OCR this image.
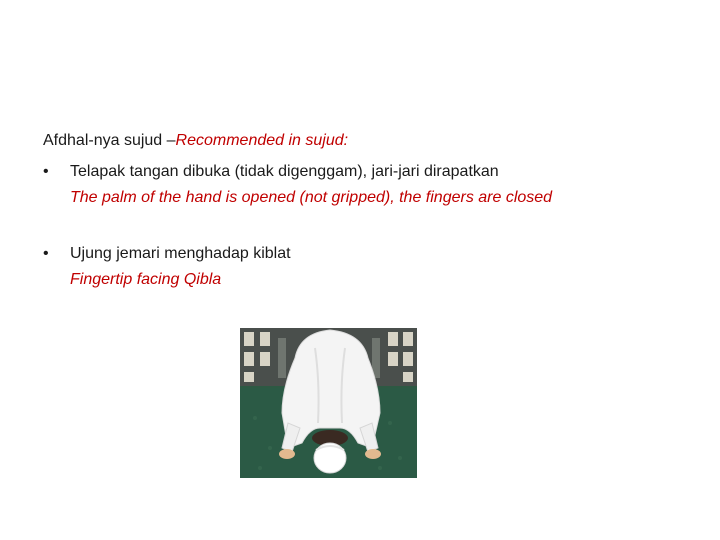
Afdhal-nya sujud –Recommended in sujud:
• Telapak tangan dibuka (tidak digenggam), jari-jari dirapatkan
The palm of the hand is opened (not gripped), the fingers are closed
• Ujung jemari menghadap kiblat
Fingertip facing Qibla
